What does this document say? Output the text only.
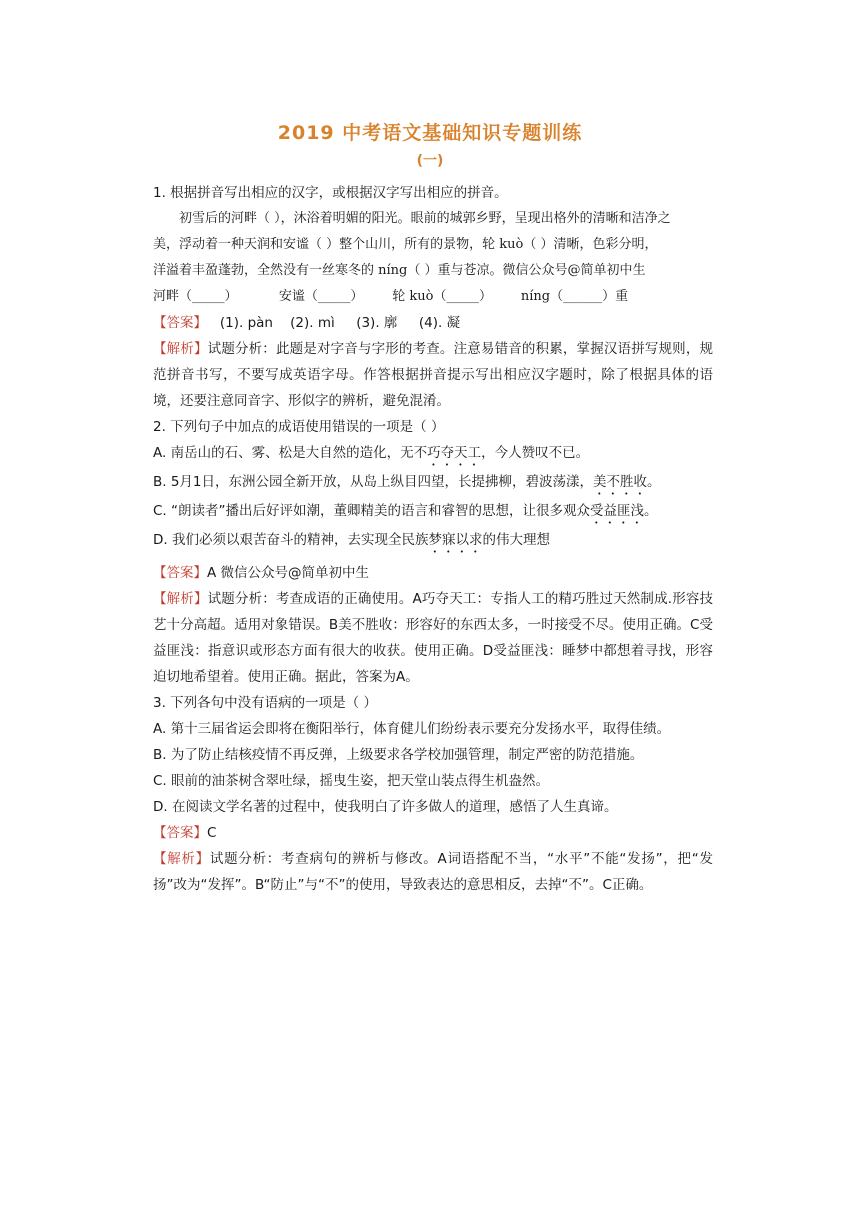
2019 中考语文基础知识专题训练
(一)
1. 根据拼音写出相应的汉字，或根据汉字写出相应的拼音。
初雪后的河畔（ ），沐浴着明媚的阳光。眼前的城郭乡野，呈现出格外的清晰和洁净之
美，浮动着一种天润和安谧（ ）整个山川，所有的景物，轮 kuò（ ）清晰，色彩分明，
洋溢着丰盈蓬勃，全然没有一丝寒冬的 níng（ ）重与苍凉。微信公众号@简单初中生
河畔（_____）          安谧（_____）       轮 kuò（_____）       níng（______）重
【答案】   (1). pàn    (2). mì     (3). 廓     (4). 凝
【解析】试题分析：此题是对字音与字形的考查。注意易错音的积累，掌握汉语拼写规则，规范拼音书写，不要写成英语字母。作答根据拼音提示写出相应汉字题时，除了根据具体的语境，还要注意同音字、形似字的辨析，避免混淆。
2. 下列句子中加点的成语使用错误的一项是（ ）
A. 南岳山的石、雾、松是大自然的造化，无不巧夺天工，今人赞叹不已。
B. 5月1日，东洲公园全新开放，从岛上纵目四望，长提拂柳，碧波荡漾，美不胜收。
C. “朗读者”播出后好评如潮，董卿精美的语言和睿智的思想，让很多观众受益匪浅。
D. 我们必须以艰苦奋斗的精神，去实现全民族梦寐以求的伟大理想
【答案】A 微信公众号@简单初中生
【解析】试题分析：考查成语的正确使用。A巧夺天工：专指人工的精巧胜过天然制成.形容技艺十分高超。适用对象错误。B美不胜收：形容好的东西太多，一时接受不尽。使用正确。C受益匪浅：指意识或形态方面有很大的收获。使用正确。D受益匪浅：睡梦中都想着寻找，形容迫切地希望着。使用正确。据此，答案为A。
3. 下列各句中没有语病的一项是（ ）
A. 第十三届省运会即将在衡阳举行，体育健儿们纷纷表示要充分发扬水平，取得佳绩。
B. 为了防止结核疫情不再反弹，上级要求各学校加强管理，制定严密的防范措施。
C. 眼前的油茶树含翠吐绿，摇曳生姿，把天堂山装点得生机盎然。
D. 在阅读文学名著的过程中，使我明白了许多做人的道理，感悟了人生真谛。
【答案】C
【解析】试题分析：考查病句的辨析与修改。A词语搭配不当，“水平”不能“发扬”，把“发扬”改为“发挥”。B“防止”与“不”的使用，导致表达的意思相反，去掉“不”。C正确。
